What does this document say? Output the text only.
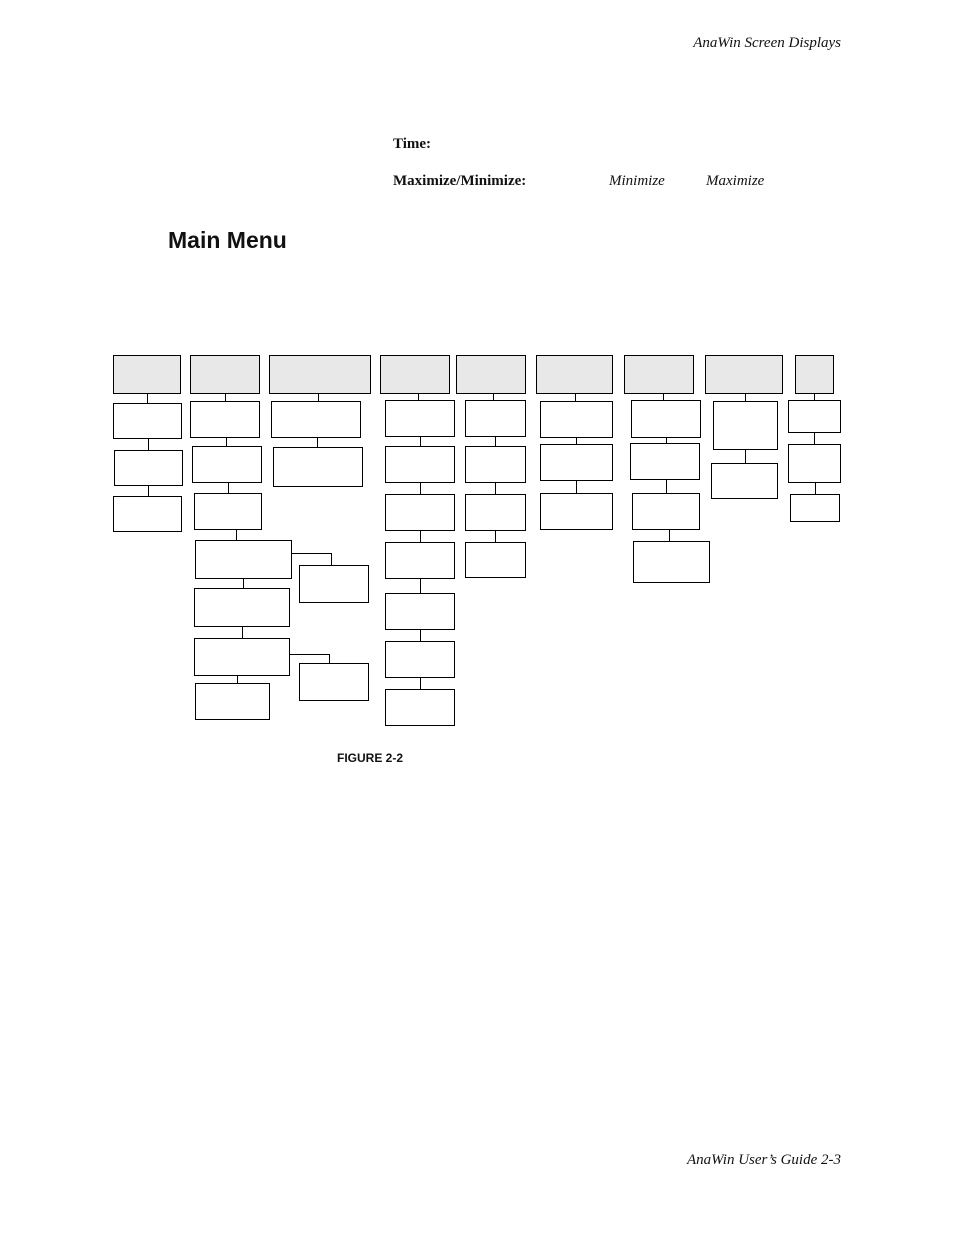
AnaWin Screen Displays
Time:
Maximize/Minimize:	Minimize	Maximize
Main Menu
FIGURE 2-2
AnaWin User’s Guide 2-3
